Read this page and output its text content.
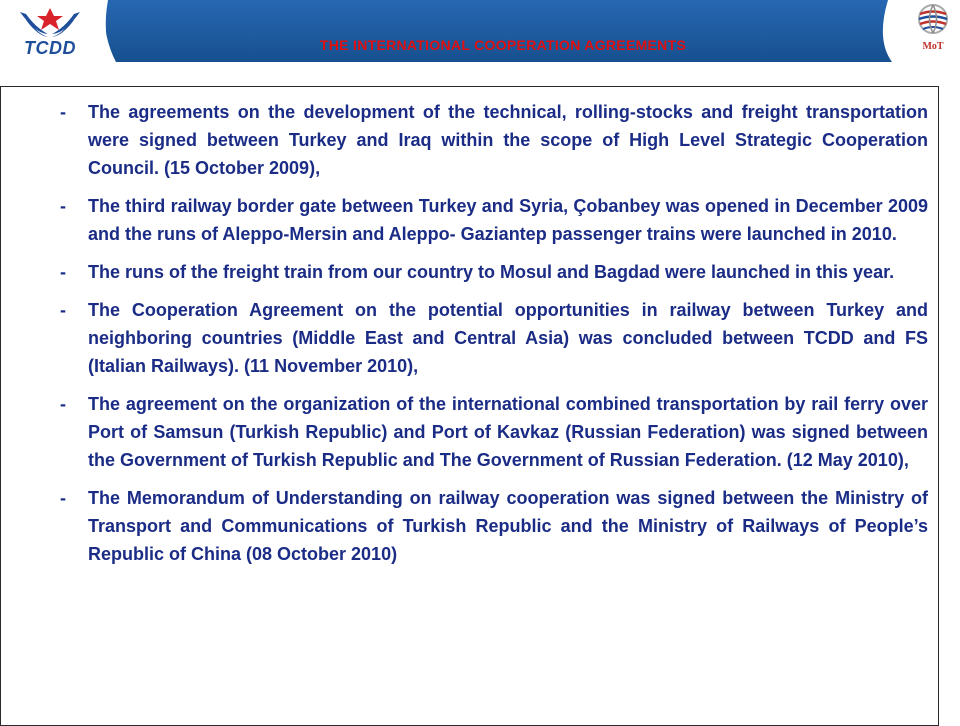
TCDD	THE INTERNATIONAL COOPERATION AGREEMENTS	MoT
- The agreements on the development of the technical, rolling-stocks and freight transportation were signed between Turkey and Iraq within the scope of High Level Strategic Cooperation Council. (15 October 2009),
- The third railway border gate between Turkey and Syria, Çobanbey was opened in December 2009 and the runs of Aleppo-Mersin and Aleppo- Gaziantep passenger trains were launched in 2010.
- The runs of the freight train from our country to Mosul and Bagdad were launched in this year.
- The Cooperation Agreement on the potential opportunities in railway between Turkey and neighboring countries (Middle East and Central Asia) was concluded between TCDD and FS (Italian Railways). (11 November 2010),
- The agreement on the organization of the international combined transportation by rail ferry over Port of Samsun (Turkish Republic) and Port of Kavkaz (Russian Federation) was signed between the Government of Turkish Republic and The Government of Russian Federation. (12 May 2010),
- The Memorandum of Understanding on railway cooperation was signed between the Ministry of Transport and Communications of Turkish Republic and the Ministry of Railways of People’s Republic of China (08 October 2010)
